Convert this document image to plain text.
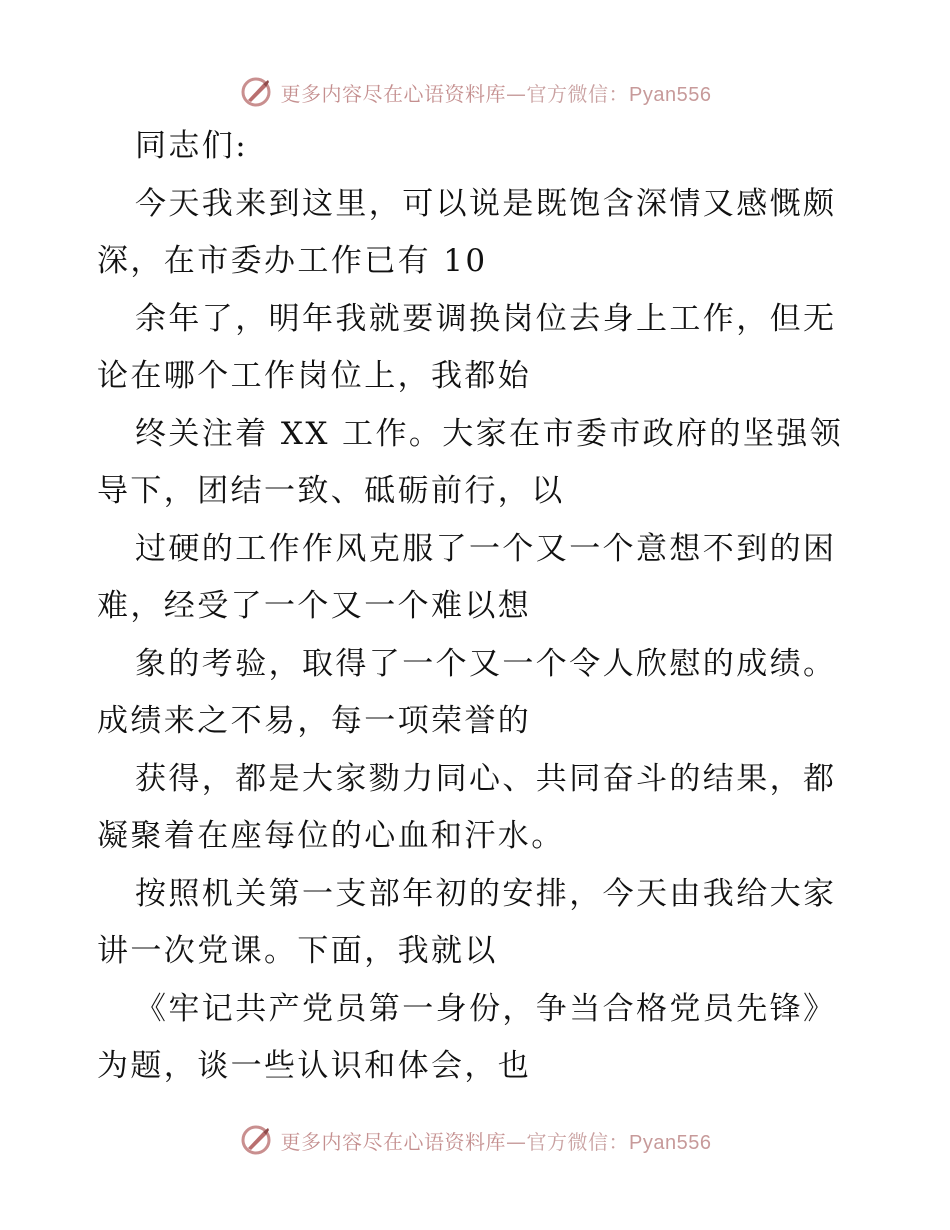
更多内容尽在心语资料库—官方微信：Pyan556
同志们:
今天我来到这里，可以说是既饱含深情又感慨颇
深，在市委办工作已有 10
余年了，明年我就要调换岗位去身上工作，但无
论在哪个工作岗位上，我都始
终关注着 XX 工作。大家在市委市政府的坚强领
导下，团结一致、砥砺前行，以
过硬的工作作风克服了一个又一个意想不到的困
难，经受了一个又一个难以想
象的考验，取得了一个又一个令人欣慰的成绩。
成绩来之不易，每一项荣誉的
获得，都是大家勠力同心、共同奋斗的结果，都
凝聚着在座每位的心血和汗水。
按照机关第一支部年初的安排，今天由我给大家
讲一次党课。下面，我就以
《牢记共产党员第一身份，争当合格党员先锋》
为题，谈一些认识和体会，也
更多内容尽在心语资料库—官方微信：Pyan556
